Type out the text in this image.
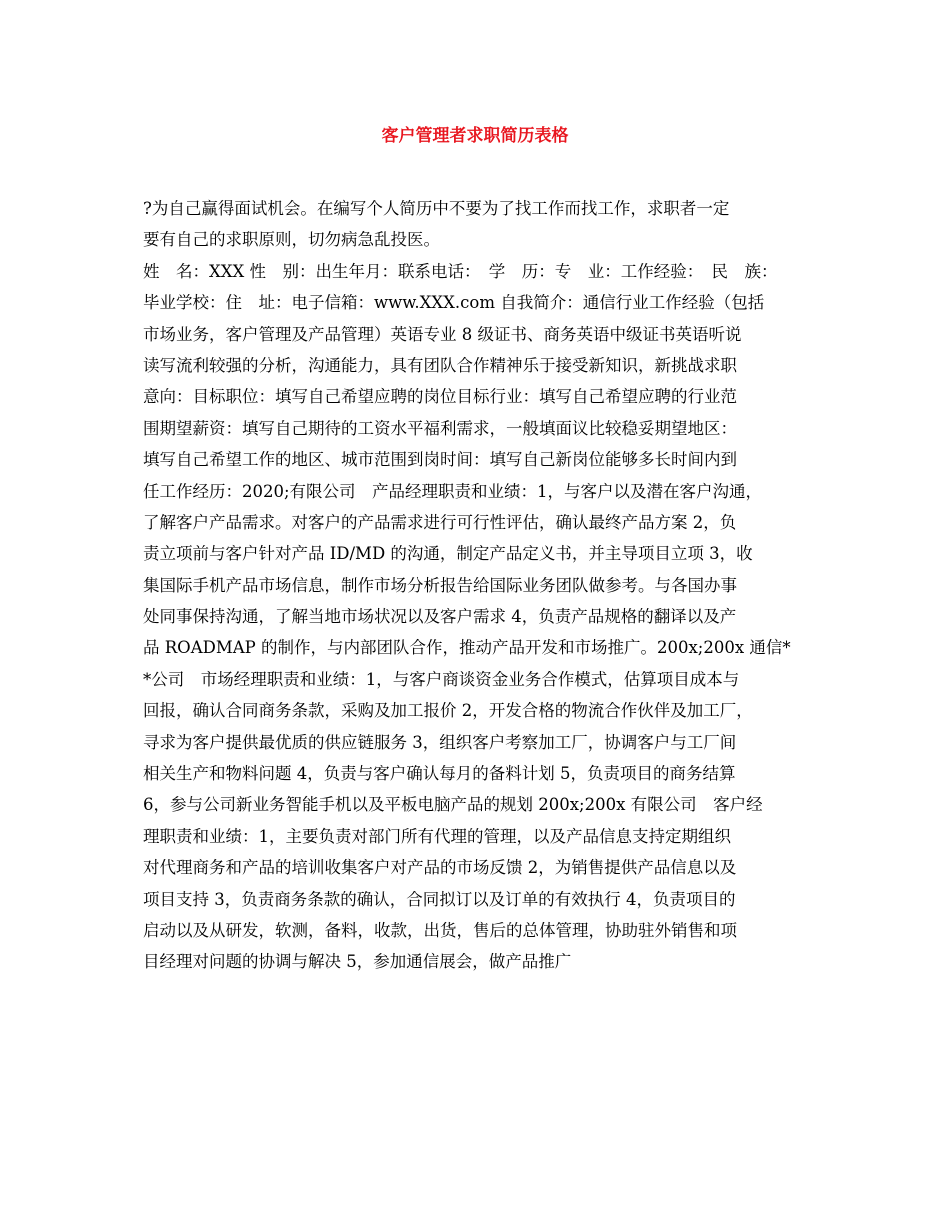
客户管理者求职简历表格
?为自己赢得面试机会。在编写个人简历中不要为了找工作而找工作，求职者一定
要有自己的求职原则，切勿病急乱投医。
姓　名：XXX 性　别：出生年月：联系电话：　学　历：专　业：工作经验：　民　族：
毕业学校：住　址：电子信箱：www.XXX.com 自我简介：通信行业工作经验（包括
市场业务，客户管理及产品管理）英语专业 8 级证书、商务英语中级证书英语听说
读写流利较强的分析，沟通能力，具有团队合作精神乐于接受新知识，新挑战求职
意向：目标职位：填写自己希望应聘的岗位目标行业：填写自己希望应聘的行业范
围期望薪资：填写自己期待的工资水平福利需求，一般填面议比较稳妥期望地区：
填写自己希望工作的地区、城市范围到岗时间：填写自己新岗位能够多长时间内到
任工作经历：2020;有限公司　产品经理职责和业绩：1，与客户以及潜在客户沟通，
了解客户产品需求。对客户的产品需求进行可行性评估，确认最终产品方案 2，负
责立项前与客户针对产品 ID/MD 的沟通，制定产品定义书，并主导项目立项 3，收
集国际手机产品市场信息，制作市场分析报告给国际业务团队做参考。与各国办事
处同事保持沟通，了解当地市场状况以及客户需求 4，负责产品规格的翻译以及产
品 ROADMAP 的制作，与内部团队合作，推动产品开发和市场推广。200x;200x 通信*
*公司　市场经理职责和业绩：1，与客户商谈资金业务合作模式，估算项目成本与
回报，确认合同商务条款，采购及加工报价 2，开发合格的物流合作伙伴及加工厂，
寻求为客户提供最优质的供应链服务 3，组织客户考察加工厂，协调客户与工厂间
相关生产和物料问题 4，负责与客户确认每月的备料计划 5，负责项目的商务结算
6，参与公司新业务智能手机以及平板电脑产品的规划 200x;200x 有限公司　客户经
理职责和业绩：1，主要负责对部门所有代理的管理，以及产品信息支持定期组织
对代理商务和产品的培训收集客户对产品的市场反馈 2，为销售提供产品信息以及
项目支持 3，负责商务条款的确认，合同拟订以及订单的有效执行 4，负责项目的
启动以及从研发，软测，备料，收款，出货，售后的总体管理，协助驻外销售和项
目经理对问题的协调与解决 5，参加通信展会，做产品推广
